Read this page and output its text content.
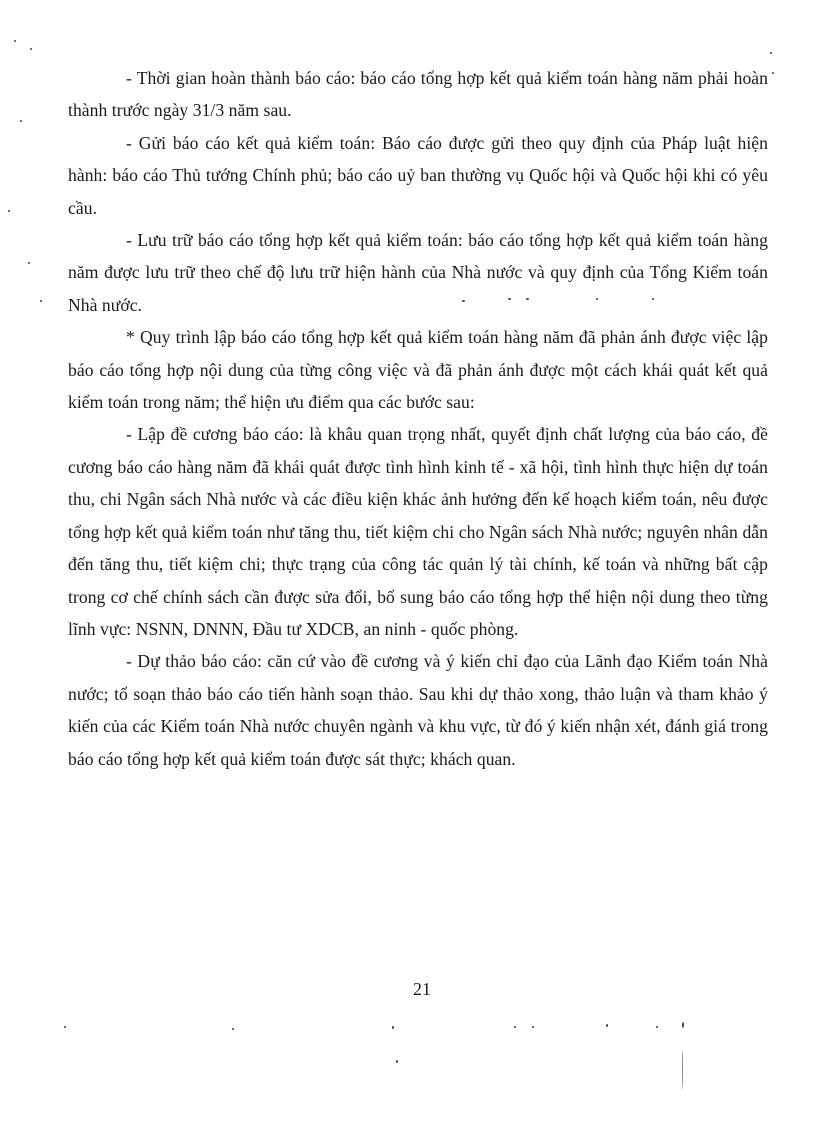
- Thời gian hoàn thành báo cáo: báo cáo tổng hợp kết quả kiểm toán hàng năm phải hoàn thành trước ngày 31/3 năm sau.

- Gửi báo cáo kết quả kiểm toán: Báo cáo được gửi theo quy định của Pháp luật hiện hành: báo cáo Thủ tướng Chính phủ; báo cáo uỷ ban thường vụ Quốc hội và Quốc hội khi có yêu cầu.

- Lưu trữ báo cáo tổng hợp kết quả kiểm toán: báo cáo tổng hợp kết quả kiểm toán hàng năm được lưu trữ theo chế độ lưu trữ hiện hành của Nhà nước và quy định của Tổng Kiểm toán Nhà nước.

* Quy trình lập báo cáo tổng hợp kết quả kiểm toán hàng năm đã phản ánh được việc lập báo cáo tổng hợp nội dung của từng công việc và đã phản ánh được một cách khái quát kết quả kiểm toán trong năm; thể hiện ưu điểm qua các bước sau:

- Lập đề cương báo cáo: là khâu quan trọng nhất, quyết định chất lượng của báo cáo, đề cương báo cáo hàng năm đã khái quát được tình hình kinh tế - xã hội, tình hình thực hiện dự toán thu, chi Ngân sách Nhà nước và các điều kiện khác ảnh hưởng đến kế hoạch kiểm toán, nêu được tổng hợp kết quả kiểm toán như tăng thu, tiết kiệm chi cho Ngân sách Nhà nước; nguyên nhân dẫn đến tăng thu, tiết kiệm chi; thực trạng của công tác quản lý tài chính, kế toán và những bất cập trong cơ chế chính sách cần được sửa đổi, bổ sung báo cáo tổng hợp thể hiện nội dung theo từng lĩnh vực: NSNN, DNNN, Đầu tư XDCB, an ninh - quốc phòng.

- Dự thảo báo cáo: căn cứ vào đề cương và ý kiến chỉ đạo của Lãnh đạo Kiểm toán Nhà nước; tổ soạn thảo báo cáo tiến hành soạn thảo. Sau khi dự thảo xong, thảo luận và tham khảo ý kiến của các Kiểm toán Nhà nước chuyên ngành và khu vực, từ đó ý kiến nhận xét, đánh giá trong báo cáo tổng hợp kết quả kiểm toán được sát thực; khách quan.

21
